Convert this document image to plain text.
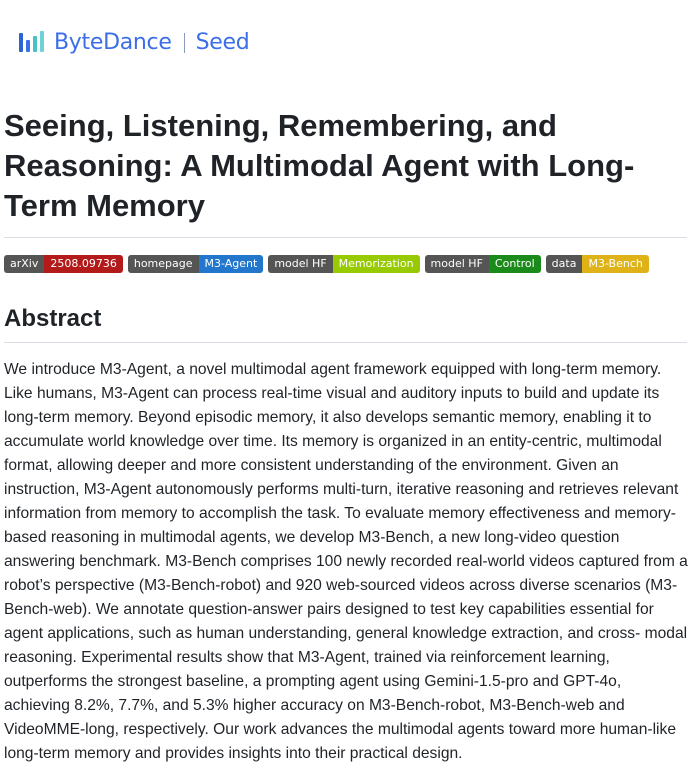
ByteDance Seed
Seeing, Listening, Remembering, and Reasoning: A Multimodal Agent with Long-Term Memory
arXiv	2508.09736	homepage	M3-Agent	model HF	Memorization	model HF	Control	data	M3-Bench
Abstract

We introduce M3-Agent, a novel multimodal agent framework equipped with long-term memory. Like humans, M3-Agent can process real-time visual and auditory inputs to build and update its long-term memory. Beyond episodic memory, it also develops semantic memory, enabling it to accumulate world knowledge over time. Its memory is organized in an entity-centric, multimodal format, allowing deeper and more consistent understanding of the environment. Given an instruction, M3-Agent autonomously performs multi-turn, iterative reasoning and retrieves relevant information from memory to accomplish the task. To evaluate memory effectiveness and memory-based reasoning in multimodal agents, we develop M3-Bench, a new long-video question answering benchmark. M3-Bench comprises 100 newly recorded real-world videos captured from a robot’s perspective (M3-Bench-robot) and 920 web-sourced videos across diverse scenarios (M3-Bench-web). We annotate question-answer pairs designed to test key capabilities essential for agent applications, such as human understanding, general knowledge extraction, and cross- modal reasoning. Experimental results show that M3-Agent, trained via reinforcement learning, outperforms the strongest baseline, a prompting agent using Gemini-1.5-pro and GPT-4o, achieving 8.2%, 7.7%, and 5.3% higher accuracy on M3-Bench-robot, M3-Bench-web and VideoMME-long, respectively. Our work advances the multimodal agents toward more human-like long-term memory and provides insights into their practical design.
